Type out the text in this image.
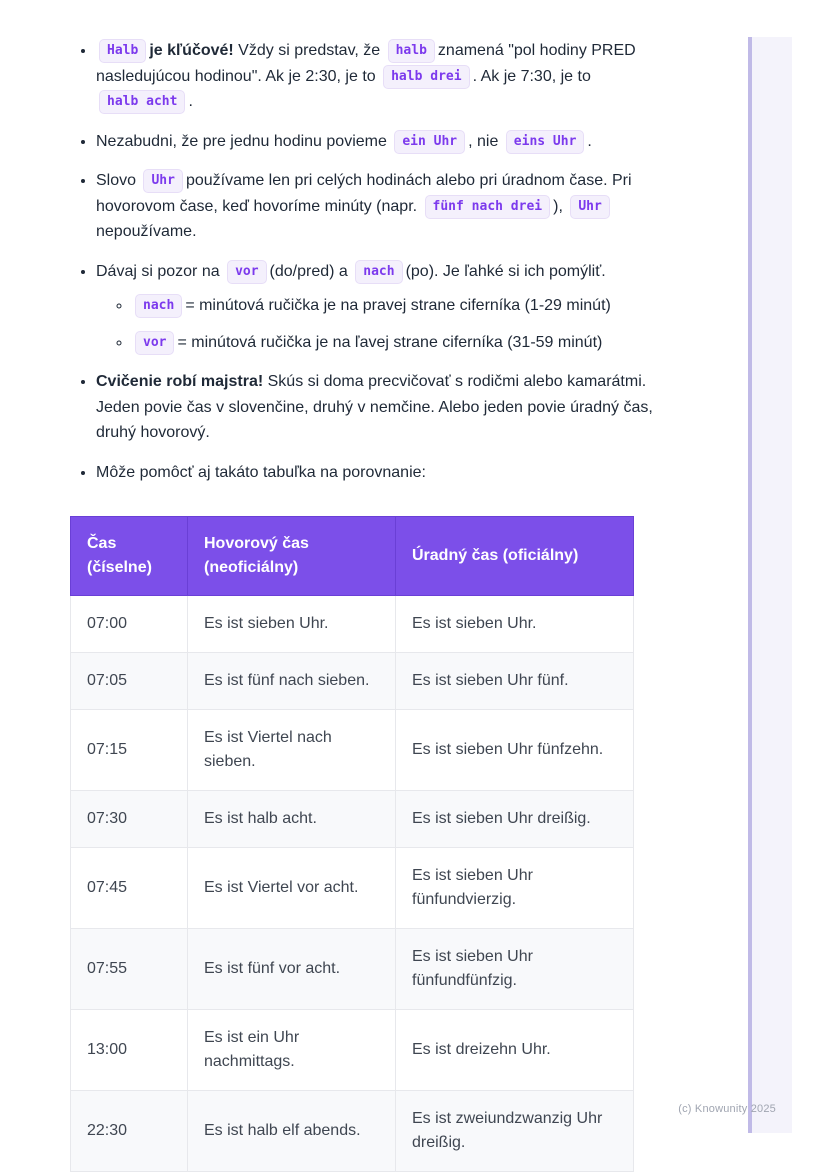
• Halb je kľúčové! Vždy si predstav, že halb znamená "pol hodiny PRED nasledujúcou hodinou". Ak je 2:30, je to halb drei . Ak je 7:30, je to halb acht .
• Nezabudni, že pre jednu hodinu povieme ein Uhr , nie eins Uhr .
• Slovo Uhr používame len pri celých hodinách alebo pri úradnom čase. Pri hovorovom čase, keď hovoríme minúty (napr. fünf nach drei ), Uhrnepoužívame.
• Dávaj si pozor na vor (do/pred) a nach (po). Je ľahké si ich pomýliť.
◦ nach = minútová ručička je na pravej strane ciferníka (1-29 minút)
◦ vor = minútová ručička je na ľavej strane ciferníka (31-59 minút)
• Cvičenie robí majstra! Skús si doma precvičovať s rodičmi alebo kamarátmi. Jeden povie čas v slovenčine, druhý v nemčine. Alebo jeden povie úradný čas, druhý hovorový.
• Môže pomôcť aj takáto tabuľka na porovnanie:
Čas (číselne)	Hovorový čas (neoficiálny)	Úradný čas (oficiálny)
07:00	Es ist sieben Uhr.	Es ist sieben Uhr.
07:05	Es ist fünf nach sieben.	Es ist sieben Uhr fünf.
07:15	Es ist Viertel nach sieben.	Es ist sieben Uhr fünfzehn.
07:30	Es ist halb acht.	Es ist sieben Uhr dreißig.
07:45	Es ist Viertel vor acht.	Es ist sieben Uhr fünfundvierzig.
07:55	Es ist fünf vor acht.	Es ist sieben Uhr fünfundfünfzig.
13:00	Es ist ein Uhr nachmittags.	Es ist dreizehn Uhr.
22:30	Es ist halb elf abends.	Es ist zweiundzwanzig Uhr dreißig.
(c) Knowunity 2025
